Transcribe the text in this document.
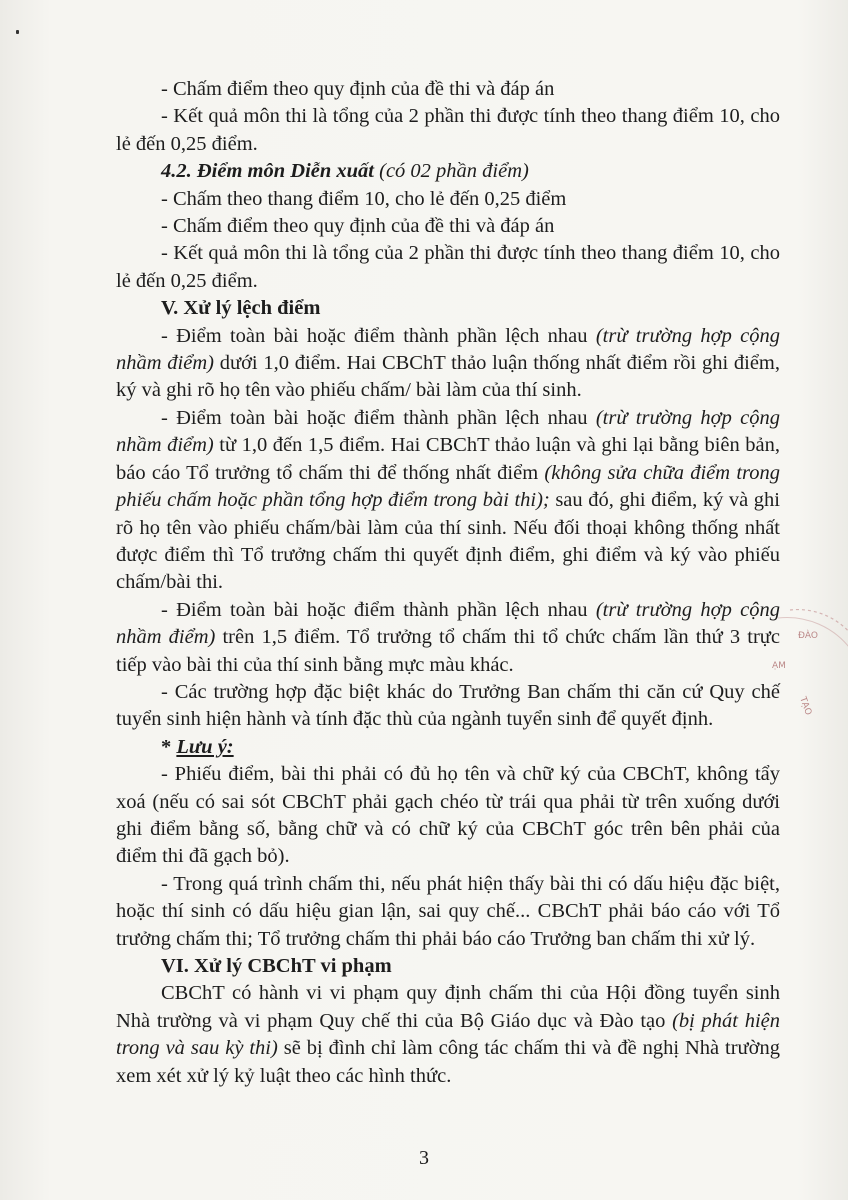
- Chấm điểm theo quy định của đề thi và đáp án

- Kết quả môn thi là tổng của 2 phần thi được tính theo thang điểm 10, cho lẻ đến 0,25 điểm.

4.2. Điểm môn Diễn xuất (có 02 phần điểm)

- Chấm theo thang điểm 10, cho lẻ đến 0,25 điểm

- Chấm điểm theo quy định của đề thi và đáp án

- Kết quả môn thi là tổng của 2 phần thi được tính theo thang điểm 10, cho lẻ đến 0,25 điểm.

V. Xử lý lệch điểm

- Điểm toàn bài hoặc điểm thành phần lệch nhau (trừ trường hợp cộng nhầm điểm) dưới 1,0 điểm. Hai CBChT thảo luận thống nhất điểm rồi ghi điểm, ký và ghi rõ họ tên vào phiếu chấm/ bài làm của thí sinh.

- Điểm toàn bài hoặc điểm thành phần lệch nhau (trừ trường hợp cộng nhầm điểm) từ 1,0 đến 1,5 điểm. Hai CBChT thảo luận và ghi lại bằng biên bản, báo cáo Tổ trưởng tổ chấm thi để thống nhất điểm (không sửa chữa điểm trong phiếu chấm hoặc phần tổng hợp điểm trong bài thi); sau đó, ghi điểm, ký và ghi rõ họ tên vào phiếu chấm/bài làm của thí sinh. Nếu đối thoại không thống nhất được điểm thì Tổ trưởng chấm thi quyết định điểm, ghi điểm và ký vào phiếu chấm/bài thi.

- Điểm toàn bài hoặc điểm thành phần lệch nhau (trừ trường hợp cộng nhầm điểm) trên 1,5 điểm. Tổ trưởng tổ chấm thi tổ chức chấm lần thứ 3 trực tiếp vào bài thi của thí sinh bằng mực màu khác.

- Các trường hợp đặc biệt khác do Trưởng Ban chấm thi căn cứ Quy chế tuyển sinh hiện hành và tính đặc thù của ngành tuyển sinh để quyết định.

* Lưu ý:

- Phiếu điểm, bài thi phải có đủ họ tên và chữ ký của CBChT, không tẩy xoá (nếu có sai sót CBChT phải gạch chéo từ trái qua phải từ trên xuống dưới ghi điểm bằng số, bằng chữ và có chữ ký của CBChT góc trên bên phải của điểm thi đã gạch bỏ).

- Trong quá trình chấm thi, nếu phát hiện thấy bài thi có dấu hiệu đặc biệt, hoặc thí sinh có dấu hiệu gian lận, sai quy chế... CBChT phải báo cáo với Tổ trưởng chấm thi; Tổ trưởng chấm thi phải báo cáo Trưởng ban chấm thi xử lý.

VI. Xử lý CBChT vi phạm

CBChT có hành vi vi phạm quy định chấm thi của Hội đồng tuyển sinh Nhà trường và vi phạm Quy chế thi của Bộ Giáo dục và Đào tạo (bị phát hiện trong và sau kỳ thi) sẽ bị đình chỉ làm công tác chấm thi và đề nghị Nhà trường xem xét xử lý kỷ luật theo các hình thức.

ĐÀO
ẠM
TẠO
3
